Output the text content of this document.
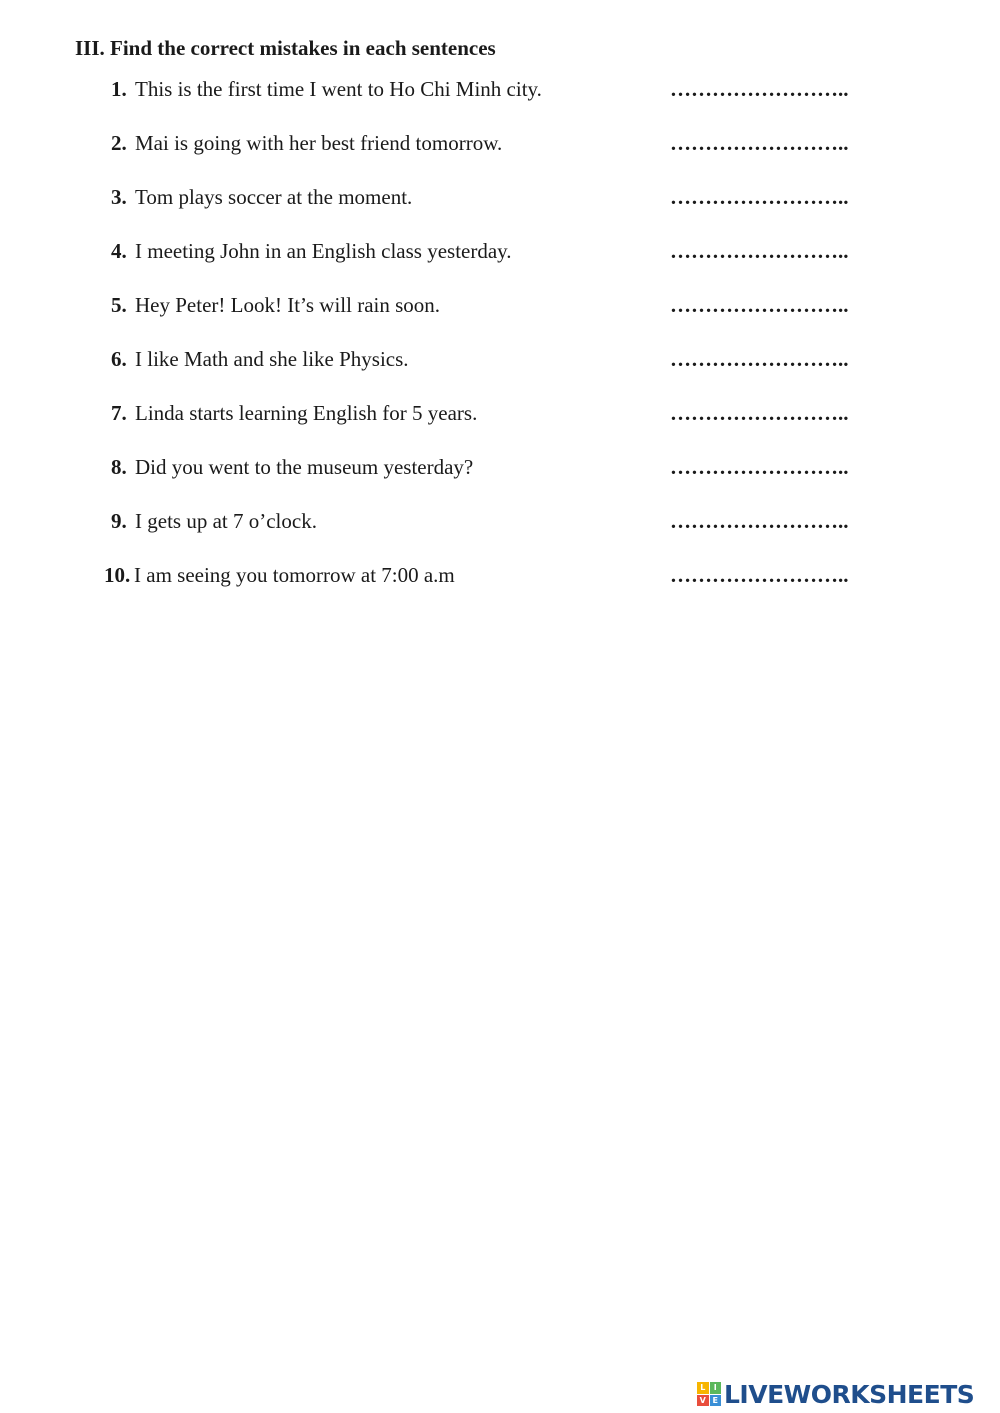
III. Find the correct mistakes in each sentences
1. This is the first time I went to Ho Chi Minh city.	……………………..
2. Mai is going with her best friend tomorrow.	……………………..
3. Tom plays soccer at the moment.	……………………..
4. I meeting John in an English class yesterday.	……………………..
5. Hey Peter! Look! It’s will rain soon.	……………………..
6. I like Math and she like Physics.	……………………..
7. Linda starts learning English for 5 years.	……………………..
8. Did you went to the museum yesterday?	……………………..
9. I gets up at 7 o’clock.	……………………..
10. I am seeing you tomorrow at 7:00 a.m	……………………..
L	I
V E LIVEWORKSHEETS
